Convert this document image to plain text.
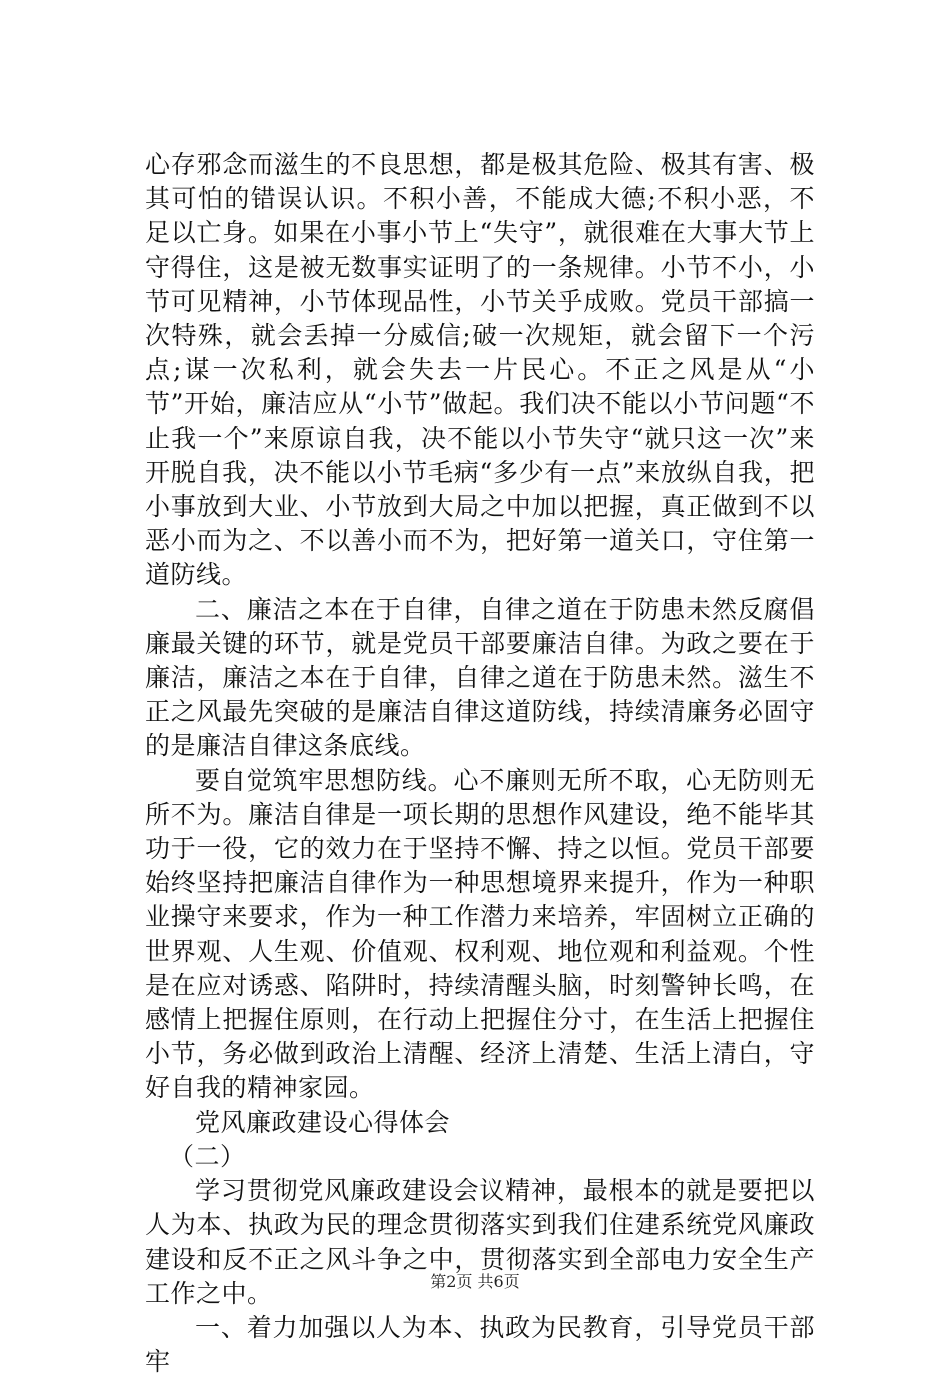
心存邪念而滋生的不良思想，都是极其危险、极其有害、极其可怕的错误认识。不积小善，不能成大德;不积小恶，不足以亡身。如果在小事小节上“失守”，就很难在大事大节上守得住，这是被无数事实证明了的一条规律。小节不小，小节可见精神，小节体现品性，小节关乎成败。党员干部搞一次特殊，就会丢掉一分威信;破一次规矩，就会留下一个污点;谋一次私利，就会失去一片民心。不正之风是从“小节”开始，廉洁应从“小节”做起。我们决不能以小节问题“不止我一个”来原谅自我，决不能以小节失守“就只这一次”来开脱自我，决不能以小节毛病“多少有一点”来放纵自我，把小事放到大业、小节放到大局之中加以把握，真正做到不以恶小而为之、不以善小而不为，把好第一道关口，守住第一道防线。

二、廉洁之本在于自律，自律之道在于防患未然反腐倡廉最关键的环节，就是党员干部要廉洁自律。为政之要在于廉洁，廉洁之本在于自律，自律之道在于防患未然。滋生不正之风最先突破的是廉洁自律这道防线，持续清廉务必固守的是廉洁自律这条底线。

要自觉筑牢思想防线。心不廉则无所不取，心无防则无所不为。廉洁自律是一项长期的思想作风建设，绝不能毕其功于一役，它的效力在于坚持不懈、持之以恒。党员干部要始终坚持把廉洁自律作为一种思想境界来提升，作为一种职业操守来要求，作为一种工作潜力来培养，牢固树立正确的世界观、人生观、价值观、权利观、地位观和利益观。个性是在应对诱惑、陷阱时，持续清醒头脑，时刻警钟长鸣，在感情上把握住原则，在行动上把握住分寸，在生活上把握住小节，务必做到政治上清醒、经济上清楚、生活上清白，守好自我的精神家园。

党风廉政建设心得体会

（二）

学习贯彻党风廉政建设会议精神，最根本的就是要把以人为本、执政为民的理念贯彻落实到我们住建系统党风廉政建设和反不正之风斗争之中，贯彻落实到全部电力安全生产工作之中。

一、着力加强以人为本、执政为民教育，引导党员干部牢

第2页 共6页
